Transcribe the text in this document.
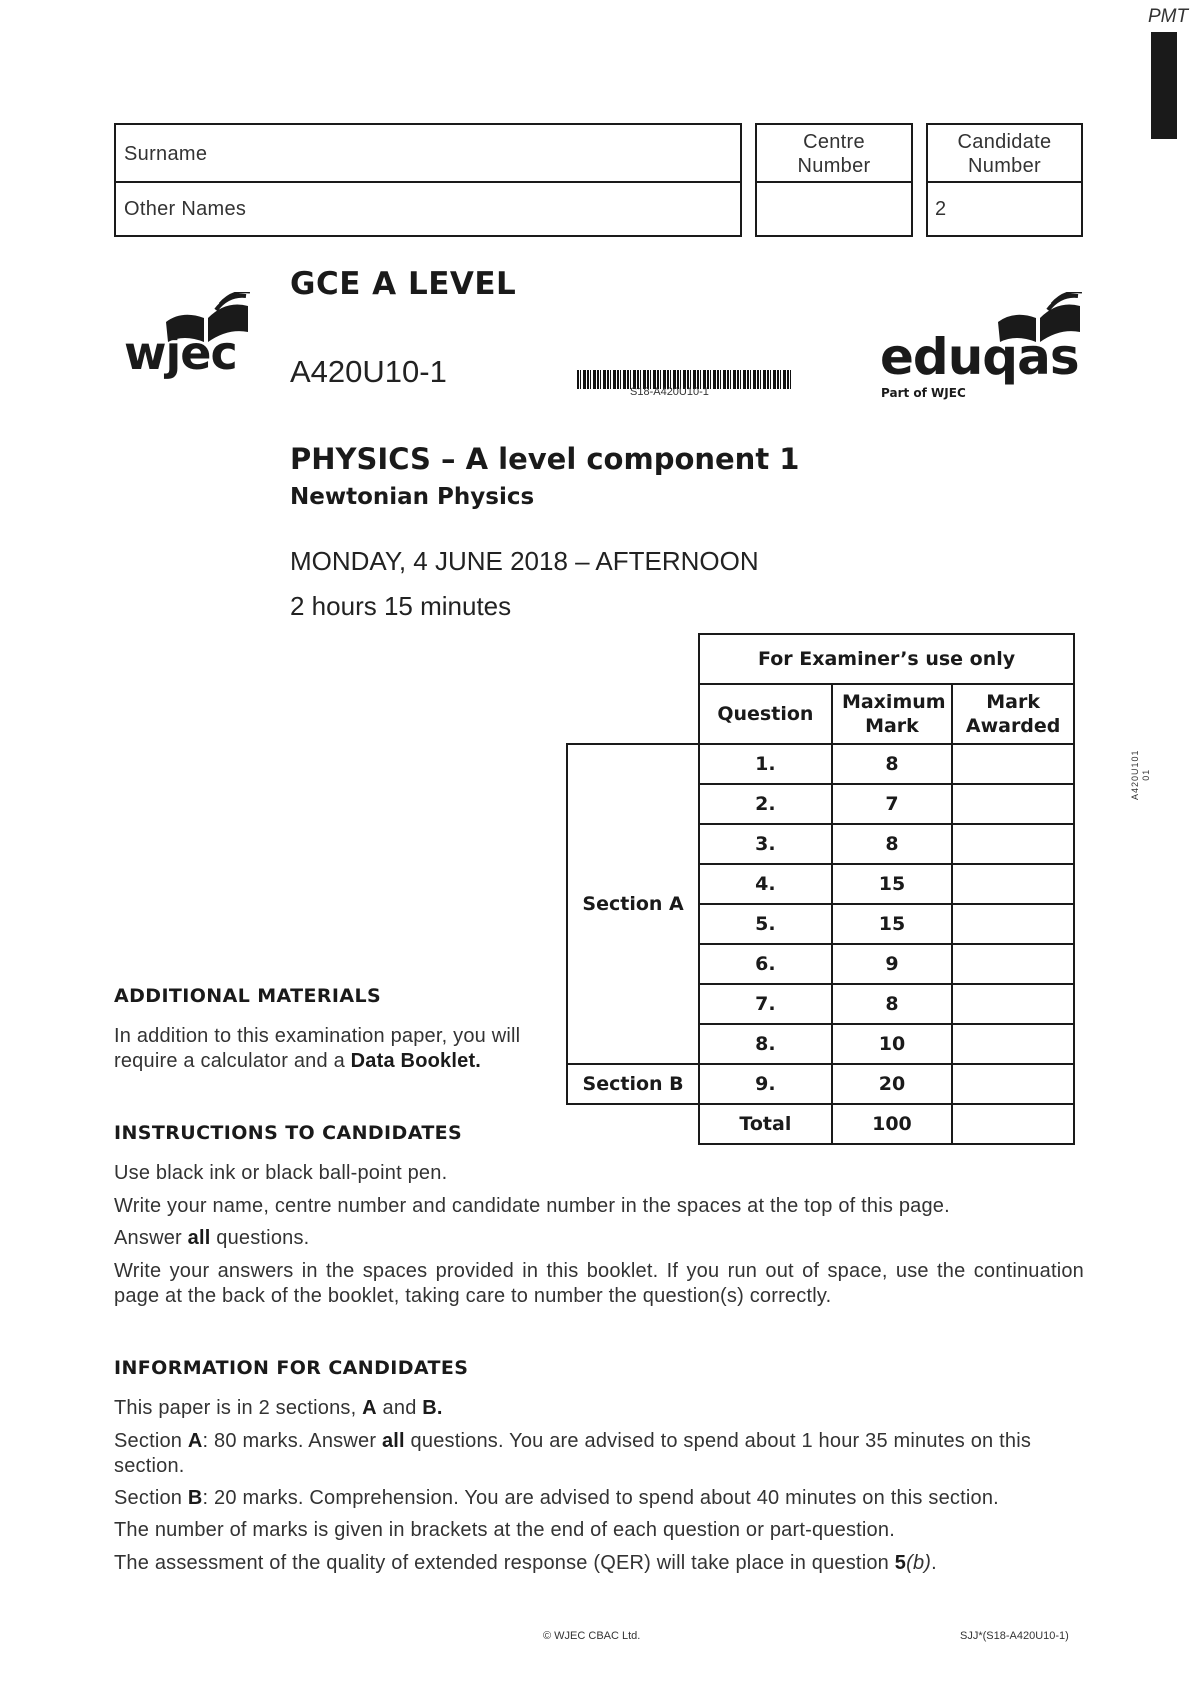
PMT
Surname
Other Names
Centre Number
Candidate Number
2
wjec
GCE A LEVEL
A420U10-1
S18-A420U10-1
eduqas
Part of WJEC
PHYSICS – A level component 1
Newtonian Physics
MONDAY, 4 JUNE 2018 – AFTERNOON
2 hours 15 minutes
A420U101 01
	For Examiner’s use only		
	Question	Maximum Mark	Mark Awarded

Section A	1.	8	
	2.	7	
	3.	8	
	4.	15	
	5.	15	
	6.	9	
	7.	8	
	8.	10	
Section B	9.	20	
	Total	100	
ADDITIONAL MATERIALS
In addition to this examination paper, you will require a calculator and a Data Booklet.
INSTRUCTIONS TO CANDIDATES
Use black ink or black ball-point pen.
Write your name, centre number and candidate number in the spaces at the top of this page.
Answer all questions.
Write your answers in the spaces provided in this booklet. If you run out of space, use the continuation page at the back of the booklet, taking care to number the question(s) correctly.
INFORMATION FOR CANDIDATES
This paper is in 2 sections, A and B.
Section A: 80 marks. Answer all questions. You are advised to spend about 1 hour 35 minutes on this section.
Section B: 20 marks. Comprehension. You are advised to spend about 40 minutes on this section.
The number of marks is given in brackets at the end of each question or part-question.
The assessment of the quality of extended response (QER) will take place in question 5(b).
© WJEC CBAC Ltd.	SJJ*(S18-A420U10-1)
